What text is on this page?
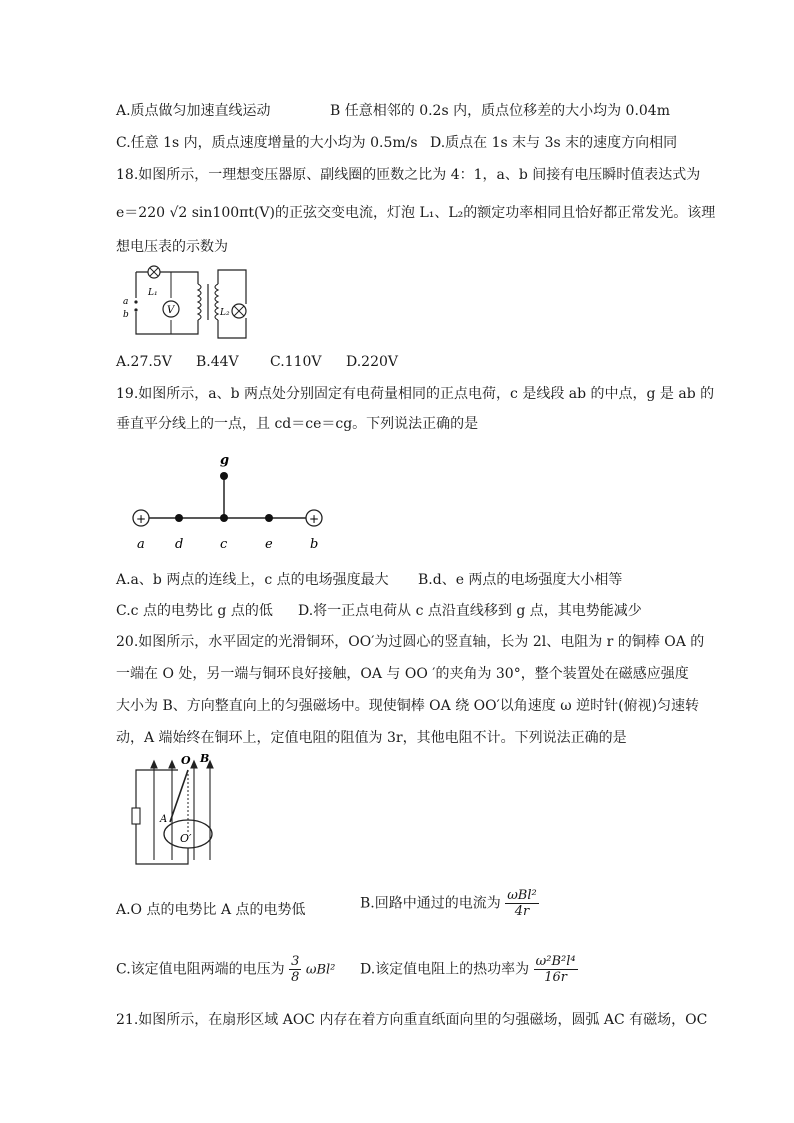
A.质点做匀加速直线运动	B 任意相邻的 0.2s 内，质点位移差的大小均为 0.04m
C.任意 1s 内，质点速度增量的大小均为 0.5m/s D.质点在 1s 末与 3s 末的速度方向相同
18.如图所示，一理想变压器原、副线圈的匝数之比为 4：1，a、b 间接有电压瞬时值表达式为
e＝220 √2 sin100πt(V)的正弦交变电流，灯泡 L₁、L₂的额定功率相同且恰好都正常发光。该理
想电压表的示数为
V
a
b
L₁
L₂
A.27.5V B.44V C.110V D.220V
19.如图所示，a、b 两点处分别固定有电荷量相同的正点电荷，c 是线段 ab 的中点，g 是 ab 的
垂直平分线上的一点，且 cd＝ce＝cg。下列说法正确的是
+	+
g
a d	c	e	b
A.a、b 两点的连线上，c 点的电场强度最大 B.d、e 两点的电场强度大小相等
C.c 点的电势比 g 点的低 D.将一正点电荷从 c 点沿直线移到 g 点，其电势能减少
20.如图所示，水平固定的光滑铜环，OO′为过圆心的竖直轴，长为 2l、电阻为 r 的铜棒 OA 的
一端在 O 处，另一端与铜环良好接触，OA 与 OO ′的夹角为 30°，整个装置处在磁感应强度
大小为 B、方向整直向上的匀强磁场中。现使铜棒 OA 绕 OO′以角速度 ω 逆时针(俯视)匀速转
动，A 端始终在铜环上，定值电阻的阻值为 3r，其他电阻不计。下列说法正确的是
O B
A
O′
A.O 点的电势比 A 点的电势低	B.回路中通过的电流为 $\frac{\text{ωBl²}}{4r}$
C.该定值电阻两端的电压为 $\frac{3}{8} \omega Bl^2$ D.该定值电阻上的热功率为 $\frac{\text{ω²B²l⁴}}{16r}$
21.如图所示，在扇形区域 AOC 内存在着方向重直纸面向里的匀强磁场，圆弧 AC 有磁场，OC
